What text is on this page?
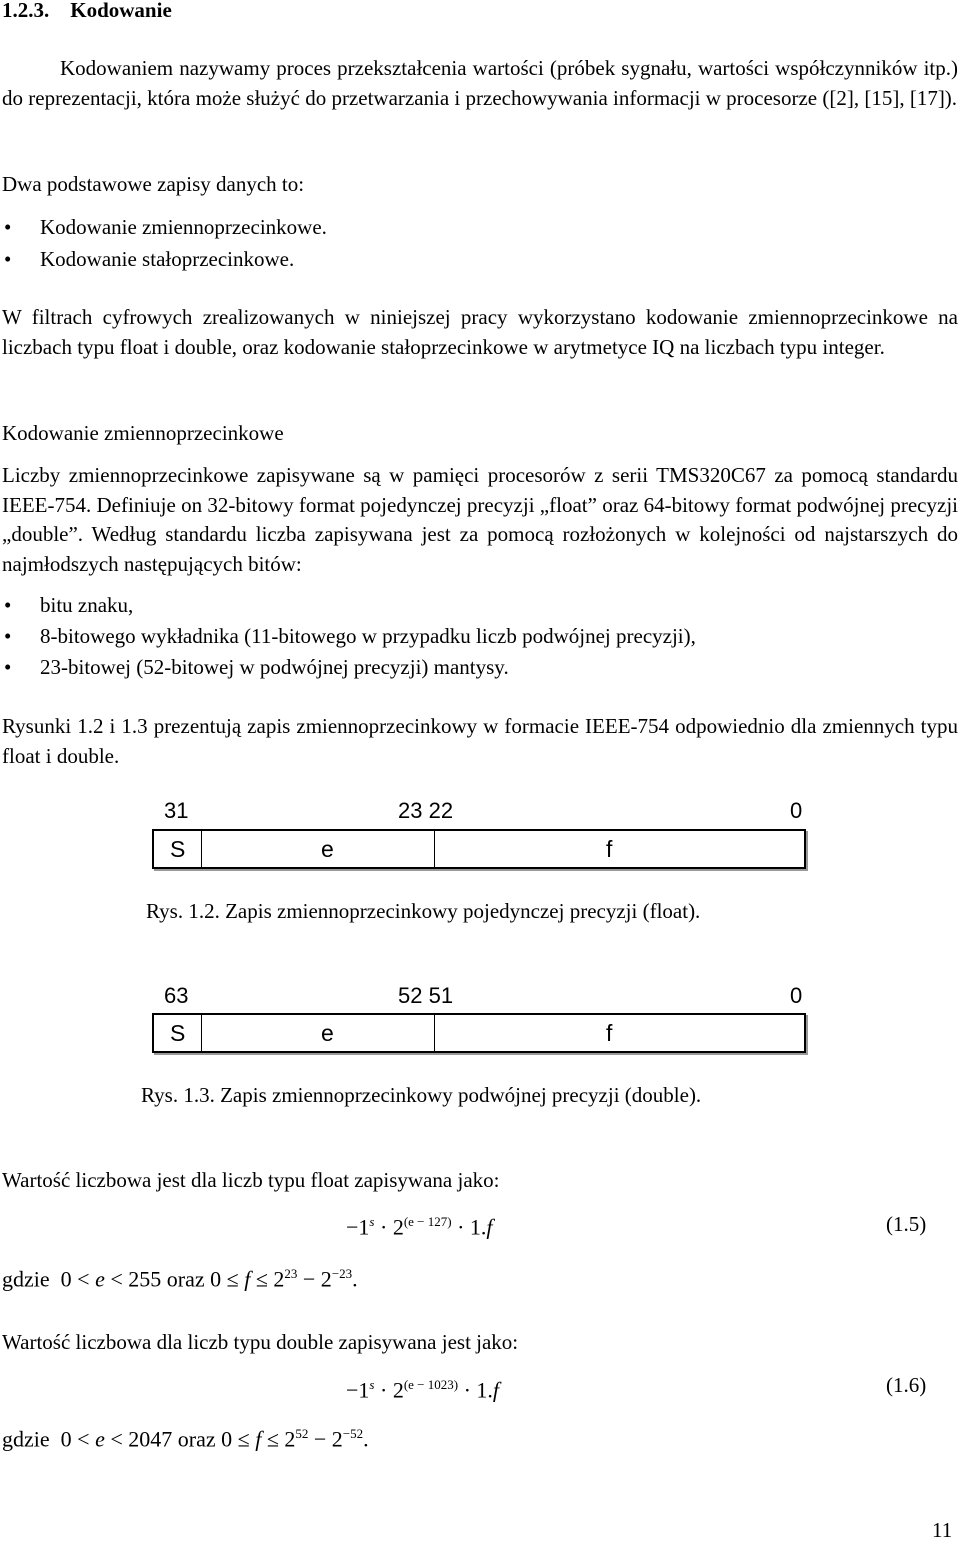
1.2.3. Kodowanie
Kodowaniem nazywamy proces przekształcenia wartości (próbek sygnału, wartości współczynników itp.) do reprezentacji, która może służyć do przetwarzania i przechowywania informacji w procesorze ([2], [15], [17]).
Dwa podstawowe zapisy danych to:
• Kodowanie zmiennoprzecinkowe.
• Kodowanie stałoprzecinkowe.
W filtrach cyfrowych zrealizowanych w niniejszej pracy wykorzystano kodowanie zmiennoprzecinkowe na liczbach typu float i double, oraz kodowanie stałoprzecinkowe w arytmetyce IQ na liczbach typu integer.
Kodowanie zmiennoprzecinkowe
Liczby zmiennoprzecinkowe zapisywane są w pamięci procesorów z serii TMS320C67 za pomocą standardu IEEE-754. Definiuje on 32-bitowy format pojedynczej precyzji „float” oraz 64-bitowy format podwójnej precyzji „double”. Według standardu liczba zapisywana jest za pomocą rozłożonych w kolejności od najstarszych do najmłodszych następujących bitów:
• bitu znaku,
• 8-bitowego wykładnika (11-bitowego w przypadku liczb podwójnej precyzji),
• 23-bitowej (52-bitowej w podwójnej precyzji) mantysy.
Rysunki 1.2 i 1.3 prezentują zapis zmiennoprzecinkowy w formacie IEEE-754 odpowiednio dla zmiennych typu float i double.
31	23 22	0
S	e	f
Rys. 1.2. Zapis zmiennoprzecinkowy pojedynczej precyzji (float).
63	52 51	0
S	e	f
Rys. 1.3. Zapis zmiennoprzecinkowy podwójnej precyzji (double).
Wartość liczbowa jest dla liczb typu float zapisywana jako:
$-1^s \cdot 2^{(e - 127)} \cdot 1.f$	(1.5)
gdzie 0 < e < 255 oraz $0 \le f \le 2^{23} - 2^{-23}$.
Wartość liczbowa dla liczb typu double zapisywana jest jako:
$-1^s \cdot 2^{(e - 1023)} \cdot 1.f$	(1.6)
gdzie 0 < e < 2047 oraz $0 \le f \le 2^{52} - 2^{-52}$.
11
